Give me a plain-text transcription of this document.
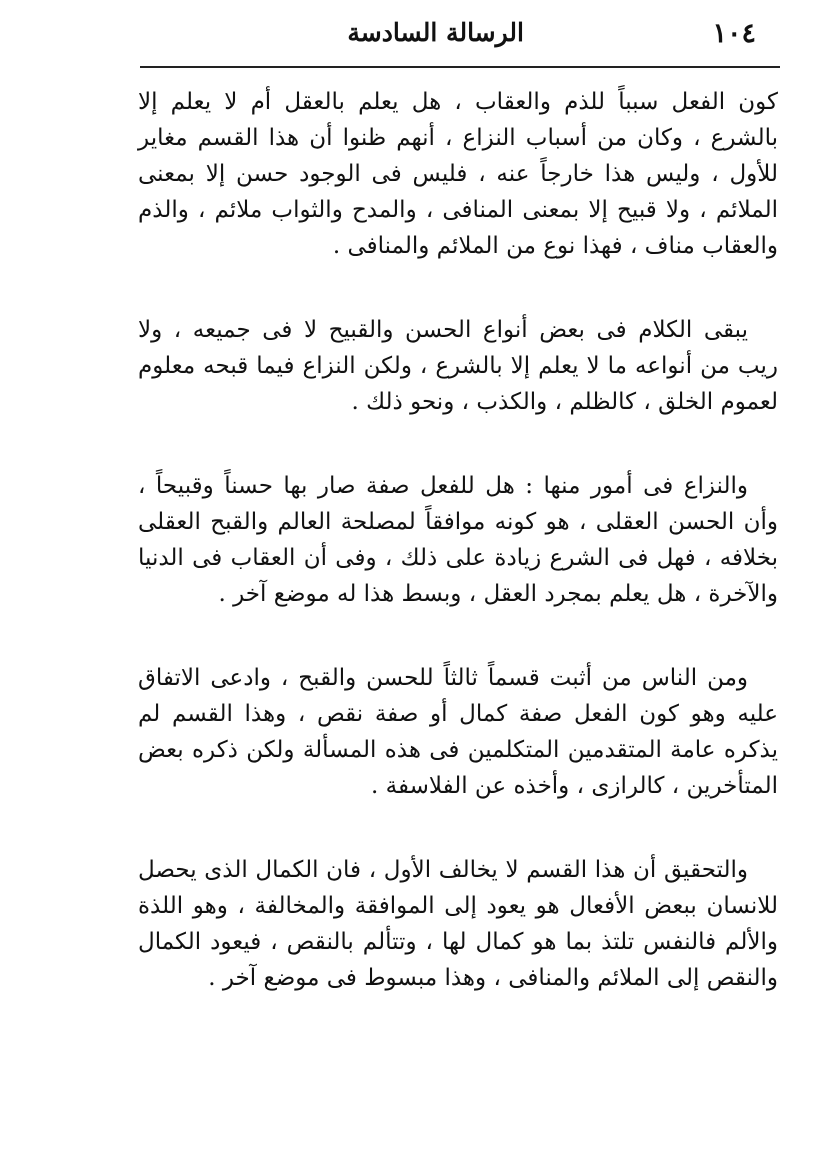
١٠٤
الرسالة السادسة

كون الفعل سبباً للذم والعقاب ، هل يعلم بالعقل أم لا يعلم إلا بالشرع ، وكان من أسباب النزاع ، أنهم ظنوا أن هذا القسم مغاير للأول ، وليس هذا خارجاً عنه ، فليس فى الوجود حسن إلا بمعنى الملائم ، ولا قبيح إلا بمعنى المنافى ، والمدح والثواب ملائم ، والذم والعقاب مناف ، فهذا نوع من الملائم والمنافى .

يبقى الكلام فى بعض أنواع الحسن والقبيح لا فى جميعه ، ولا ريب من أنواعه ما لا يعلم إلا بالشرع ، ولكن النزاع فيما قبحه معلوم لعموم الخلق ، كالظلم ، والكذب ، ونحو ذلك .

والنزاع فى أمور منها : هل للفعل صفة صار بها حسناً وقبيحاً ، وأن الحسن العقلى ، هو كونه موافقاً لمصلحة العالم والقبح العقلى بخلافه ، فهل فى الشرع زيادة على ذلك ، وفى أن العقاب فى الدنيا والآخرة ، هل يعلم بمجرد العقل ، وبسط هذا له موضع آخر .

ومن الناس من أثبت قسماً ثالثاً للحسن والقبح ، وادعى الاتفاق عليه وهو كون الفعل صفة كمال أو صفة نقص ، وهذا القسم لم يذكره عامة المتقدمين المتكلمين فى هذه المسألة ولكن ذكره بعض المتأخرين ، كالرازى ، وأخذه عن الفلاسفة .

والتحقيق أن هذا القسم لا يخالف الأول ، فان الكمال الذى يحصل للانسان ببعض الأفعال هو يعود إلى الموافقة والمخالفة ، وهو اللذة والألم فالنفس تلتذ بما هو كمال لها ، وتتألم بالنقص ، فيعود الكمال والنقص إلى الملائم والمنافى ، وهذا مبسوط فى موضع آخر .
